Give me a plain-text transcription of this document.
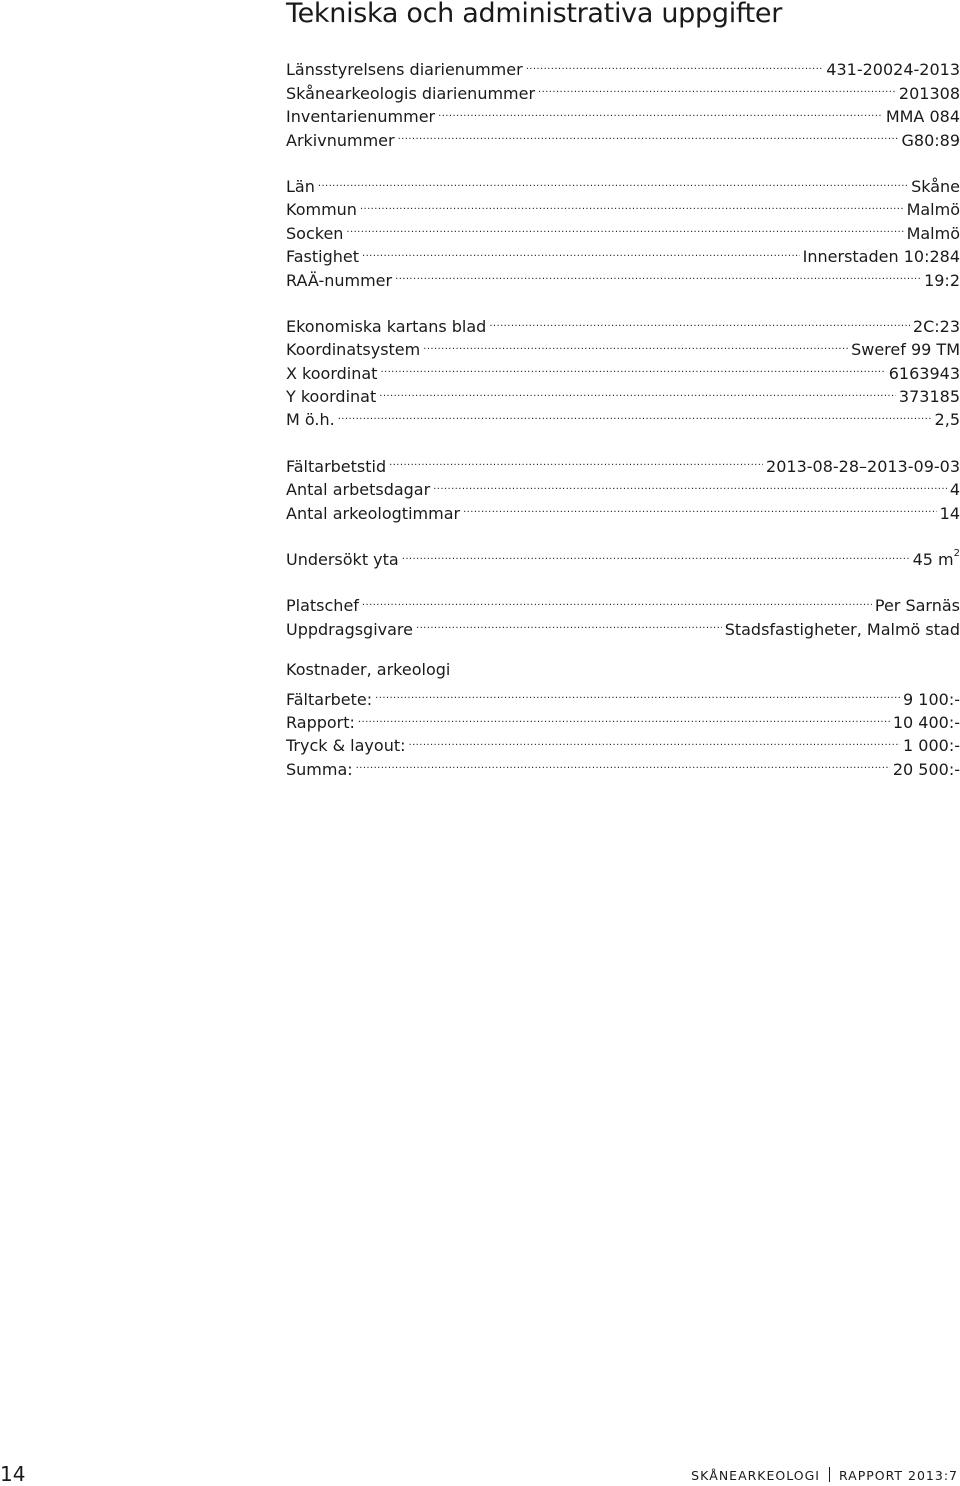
Tekniska och administrativa uppgifter
Länsstyrelsens diarienummer .....	431-20024-2013
Skånearkeologis diarienummer .....	201308
Inventarienummer .....	MMA 084
Arkivnummer .....	G80:89
Län .....	Skåne
Kommun .....	Malmö
Socken .....	Malmö
Fastighet .....	Innerstaden 10:284
RAÄ-nummer .....	19:2
Ekonomiska kartans blad .....	2C:23
Koordinatsystem .....	Sweref 99 TM
X koordinat .....	6163943
Y koordinat .....	373185
M ö.h. .....	2,5
Fältarbetstid .....	2013-08-28–2013-09-03
Antal arbetsdagar .....	4
Antal arkeologtimmar .....	14
Undersökt yta .....	45 $m^2$
Platschef .....	Per Sarnäs
Uppdragsgivare .....	Stadsfastigheter, Malmö stad
Kostnader, arkeologi
Fältarbete: .....	9 100:-
Rapport: .....	10 400:-
Tryck & layout: .....	1 000:-
Summa: .....	20 500:-
14	SKÅNEARKEOLOGI RAPPORT 2013:7
